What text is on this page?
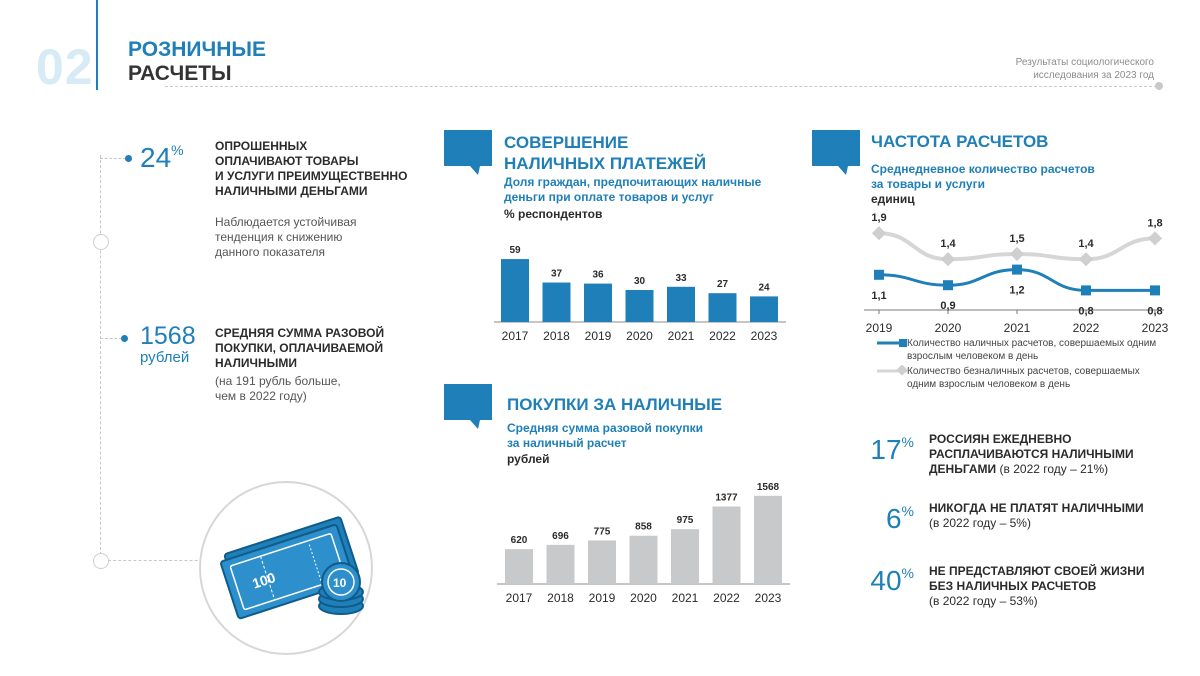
02 РОЗНИЧНЫЕ
РАСЧЕТЫ	Результаты социологического
исследования за 2023 год
24%	ОПРОШЕННЫХ
ОПЛАЧИВАЮТ ТОВАРЫ
И УСЛУГИ ПРЕИМУЩЕСТВЕННО
НАЛИЧНЫМИ ДЕНЬГАМИ
Наблюдается устойчивая
тенденция к снижению
данного показателя
1568
рублей
СРЕДНЯЯ СУММА РАЗОВОЙ
ПОКУПКИ, ОПЛАЧИВАЕМОЙ
НАЛИЧНЫМИ
(на 191 рубль больше,
чем в 2022 году)
100	10
СОВЕРШЕНИЕ
НАЛИЧНЫХ ПЛАТЕЖЕЙ
Доля граждан, предпочитающих наличные
деньги при оплате товаров и услуг
% респондентов
59
2017
37
2018
36
2019
30
2020
33
2021
27
2022
24
2023
ПОКУПКИ ЗА НАЛИЧНЫЕ
Средняя сумма разовой покупки
за наличный расчет
рублей
620
2017
696
2018
775
2019
858
2020
975
2021
1377
2022
1568
2023
ЧАСТОТА РАСЧЕТОВ
Среднедневное количество расчетов
за товары и услуги
единиц
2019	2020	2021	2022	2023
1,9
1,4	1,5	1,4
1,8
1,1
0,9
1,2
0,8	0,8
Количество наличных расчетов, совершаемых одним
взрослым человеком в день
Количество безналичных расчетов, совершаемых
одним взрослым человеком в день
17% РОССИЯН ЕЖЕДНЕВНО
РАСПЛАЧИВАЮТСЯ НАЛИЧНЫМИ
ДЕНЬГАМИ (в 2022 году – 21%)
6% НИКОГДА НЕ ПЛАТЯТ НАЛИЧНЫМИ
(в 2022 году – 5%)
40% НЕ ПРЕДСТАВЛЯЮТ СВОЕЙ ЖИЗНИ
БЕЗ НАЛИЧНЫХ РАСЧЕТОВ
(в 2022 году – 53%)
